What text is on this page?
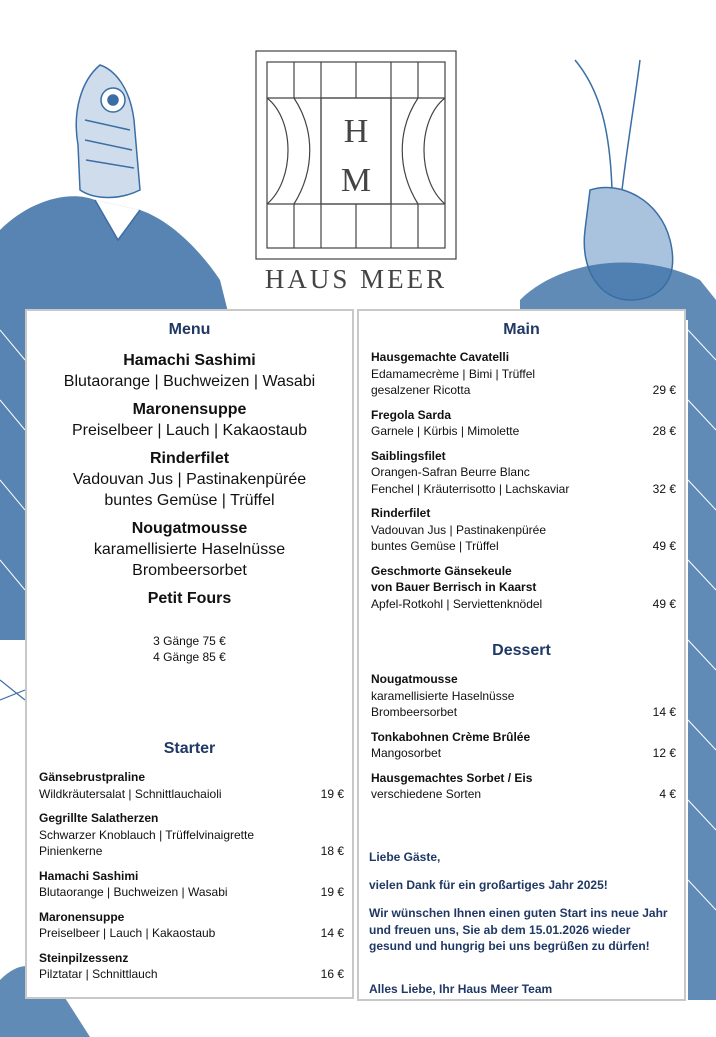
H
M
HAUS MEER
Menu
Hamachi Sashimi
Blutaorange | Buchweizen | Wasabi
Maronensuppe
Preiselbeer | Lauch | Kakaostaub
Rinderfilet
Vadouvan Jus | Pastinakenpürée
buntes Gemüse | Trüffel
Nougatmousse
karamellisierte Haselnüsse
Brombeersorbet
Petit Fours
3 Gänge 75 €
4 Gänge 85 €
Starter
Gänsebrustpraline
Wildkräutersalat | Schnittlauchaioli	19 €
Gegrillte Salatherzen
Schwarzer Knoblauch | Trüffelvinaigrette
Pinienkerne	18 €
Hamachi Sashimi
Blutaorange | Buchweizen | Wasabi	19 €
Maronensuppe
Preiselbeer | Lauch | Kakaostaub	14 €
Steinpilzessenz
Pilztatar | Schnittlauch	16 €
Main
Hausgemachte Cavatelli
Edamamecrème | Bimi | Trüffel
gesalzener Ricotta	29 €
Fregola Sarda
Garnele | Kürbis | Mimolette	28 €
Saiblingsfilet
Orangen-Safran Beurre Blanc
Fenchel | Kräuterrisotto | Lachskaviar	32 €
Rinderfilet
Vadouvan Jus | Pastinakenpürée
buntes Gemüse | Trüffel	49 €
Geschmorte Gänsekeule
von Bauer Berrisch in Kaarst
Apfel-Rotkohl | Serviettenknödel	49 €
Dessert
Nougatmousse
karamellisierte Haselnüsse
Brombeersorbet	14 €
Tonkabohnen Crème Brûlée
Mangosorbet	12 €
Hausgemachtes Sorbet / Eis
verschiedene Sorten	4 €
Liebe Gäste,
vielen Dank für ein großartiges Jahr 2025!
Wir wünschen Ihnen einen guten Start ins neue Jahr und freuen uns, Sie ab dem 15.01.2026 wieder gesund und hungrig bei uns begrüßen zu dürfen!
Alles Liebe, Ihr Haus Meer Team
